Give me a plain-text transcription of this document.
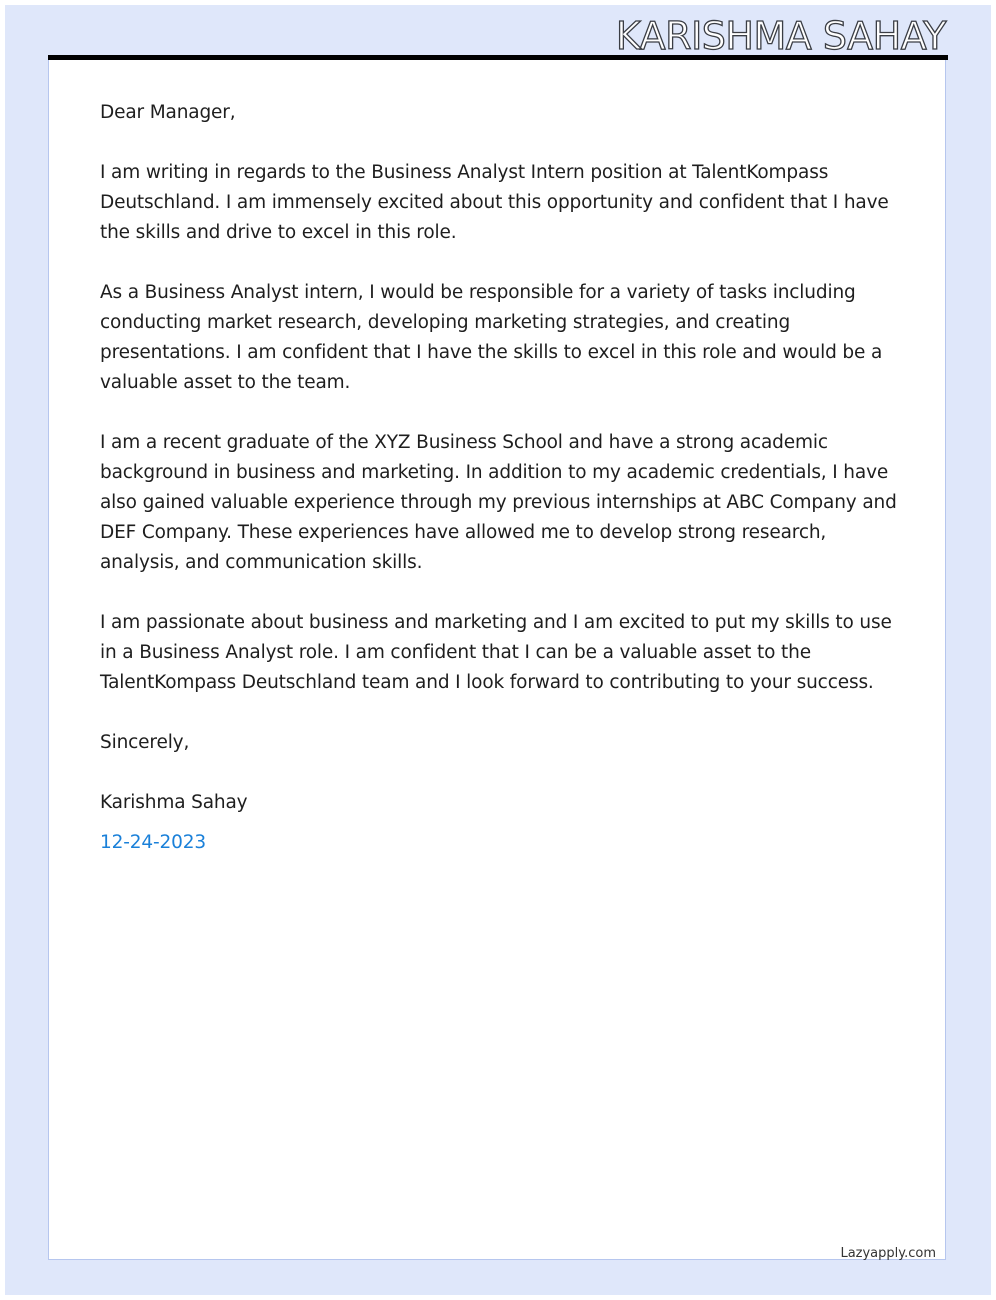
KARISHMA SAHAY

Dear Manager,

I am writing in regards to the Business Analyst Intern position at TalentKompass Deutschland. I am immensely excited about this opportunity and confident that I have the skills and drive to excel in this role.

As a Business Analyst intern, I would be responsible for a variety of tasks including conducting market research, developing marketing strategies, and creating presentations. I am confident that I have the skills to excel in this role and would be a valuable asset to the team.

I am a recent graduate of the XYZ Business School and have a strong academic background in business and marketing. In addition to my academic credentials, I have also gained valuable experience through my previous internships at ABC Company and DEF Company. These experiences have allowed me to develop strong research, analysis, and communication skills.

I am passionate about business and marketing and I am excited to put my skills to use in a Business Analyst role. I am confident that I can be a valuable asset to the TalentKompass Deutschland team and I look forward to contributing to your success.

Sincerely,

Karishma Sahay

12-24-2023

Lazyapply.com
